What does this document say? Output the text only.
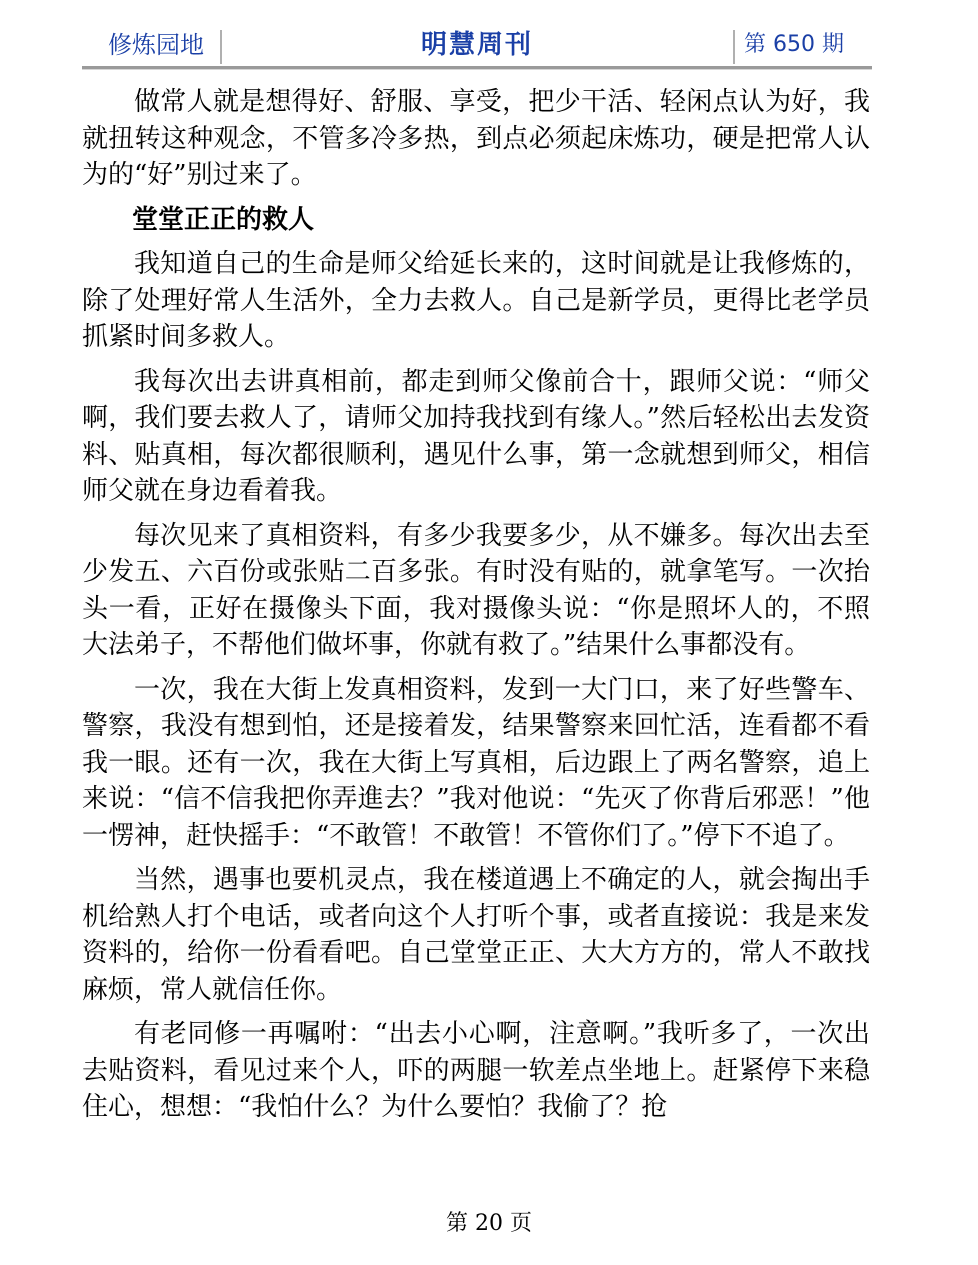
修炼园地	明慧周刊	第 650 期

做常人就是想得好、舒服、享受，把少干活、轻闲点认为好，我就扭转这种观念，不管多冷多热，到点必须起床炼功，硬是把常人认为的“好”别过来了。

堂堂正正的救人

我知道自己的生命是师父给延长来的，这时间就是让我修炼的，除了处理好常人生活外，全力去救人。自己是新学员，更得比老学员抓紧时间多救人。

我每次出去讲真相前，都走到师父像前合十，跟师父说：“师父啊，我们要去救人了，请师父加持我找到有缘人。”然后轻松出去发资料、贴真相，每次都很顺利，遇见什么事，第一念就想到师父，相信师父就在身边看着我。

每次见来了真相资料，有多少我要多少，从不嫌多。每次出去至少发五、六百份或张贴二百多张。有时没有贴的，就拿笔写。一次抬头一看，正好在摄像头下面，我对摄像头说：“你是照坏人的，不照大法弟子，不帮他们做坏事，你就有救了。”结果什么事都没有。

一次，我在大街上发真相资料，发到一大门口，来了好些警车、警察，我没有想到怕，还是接着发，结果警察来回忙活，连看都不看我一眼。还有一次，我在大街上写真相，后边跟上了两名警察，追上来说：“信不信我把你弄進去？”我对他说：“先灭了你背后邪恶！”他一愣神，赶快摇手：“不敢管！不敢管！不管你们了。”停下不追了。

当然，遇事也要机灵点，我在楼道遇上不确定的人，就会掏出手机给熟人打个电话，或者向这个人打听个事，或者直接说：我是来发资料的，给你一份看看吧。自己堂堂正正、大大方方的，常人不敢找麻烦，常人就信任你。

有老同修一再嘱咐：“出去小心啊，注意啊。”我听多了，一次出去贴资料，看见过来个人，吓的两腿一软差点坐地上。赶紧停下来稳住心，想想：“我怕什么？为什么要怕？我偷了？抢

第 20 页
